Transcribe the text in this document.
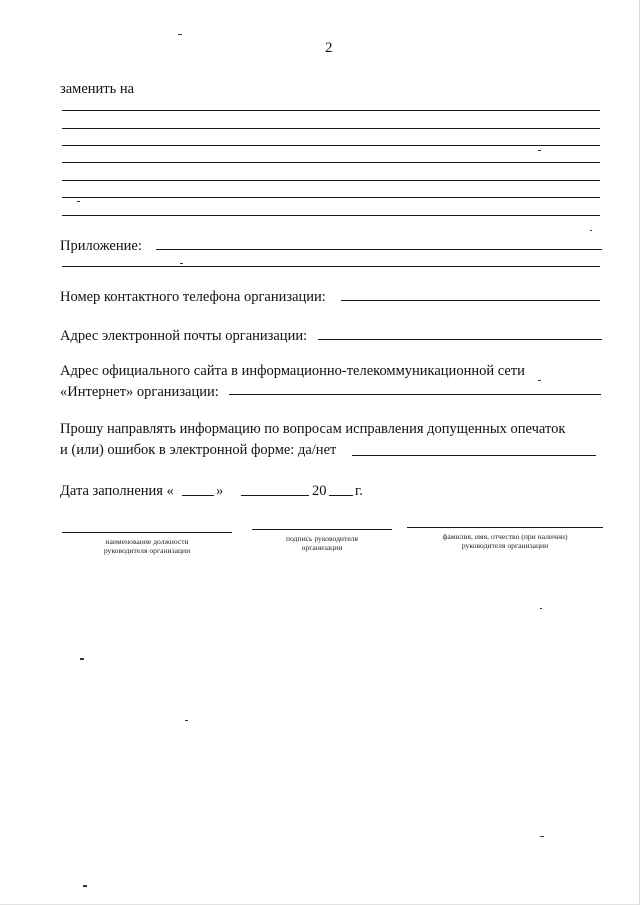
2
заменить на
Приложение:
Номер контактного телефона организации:
Адрес электронной почты организации:
Адрес официального сайта в информационно-телекоммуникационной сети
«Интернет» организации:
Прошу направлять информацию по вопросам исправления допущенных опечаток
и (или) ошибок в электронной форме: да/нет
Дата заполнения «	»	20 г.
наименование должности
руководителя организации
подпись руководителя
организации
фамилия, имя, отчество (при наличии)
руководителя организации
